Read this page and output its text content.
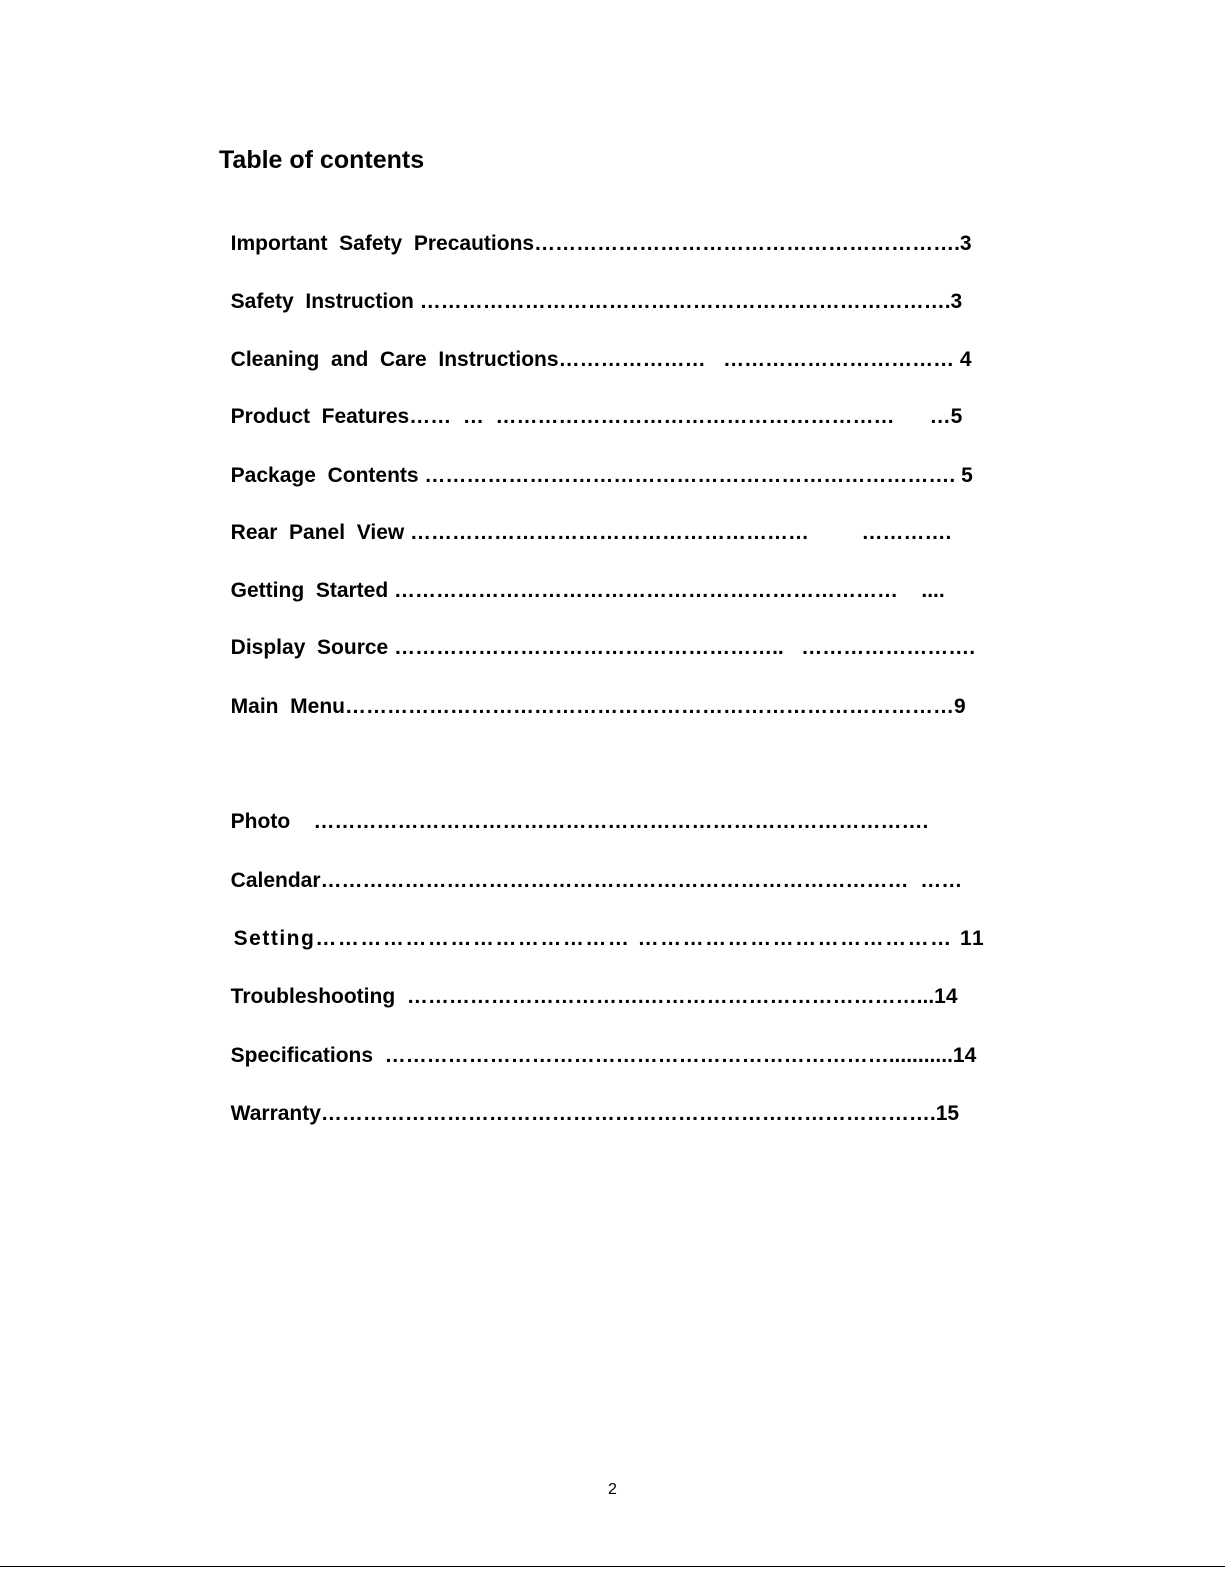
Table of contents

Important  Safety  Precautions…………………………………………………….3

Safety  Instruction ………………………………………………………………….3

Cleaning  and  Care  Instructions…………………   …………………………… 4

Product  Features……  …  …………………………………………………      …5

Package  Contents …………………………………………………………………. 5

Rear  Panel  View …………………………………………………         ………….

Getting  Started ………………………………………………………………    ....

Display  Source ………………………………………………..   …………………….

Main  Menu……………………………………………………………………………9

Photo    …………………………………………………………………………….

Calendar…………………………………………………………………………  ……

Setting…………………………………… …………………………………… 11

Troubleshooting  …………………………….…………………………………...14

Specifications  ………………………………………………………………...........14

Warranty…………………………………………………………………………….15

2
